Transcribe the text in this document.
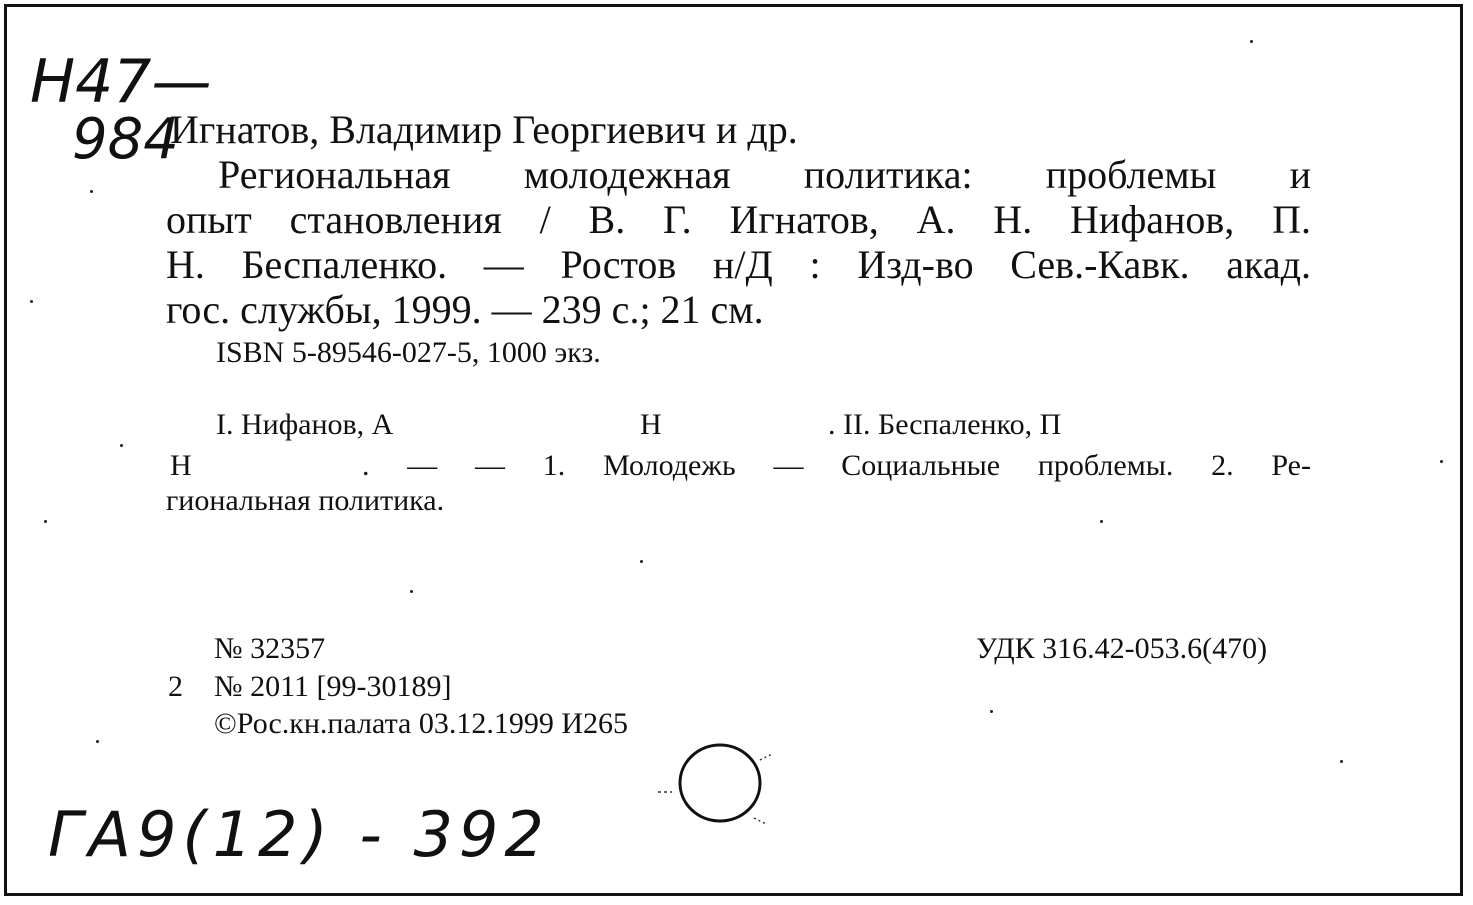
Н47—
984
Игнатов, Владимир Георгиевич и др.
Региональная молодежная политика: проблемы и
опыт становления / В. Г. Игнатов, А. Н. Нифанов, П.
Н. Беспаленко. — Ростов н/Д : Изд-во Сев.-Кавк. акад.
гос. службы, 1999. — 239 с.; 21 см.
ISBN 5-89546-027-5, 1000 экз.
I. Нифанов, А	Н	. II. Беспаленко, П
Н	. — — 1. Молодежь — Социальные проблемы. 2. Ре-
гиональная политика.
№ 32357	УДК 316.42-053.6(470)
2 № 2011 [99-30189]
©Рос.кн.палата 03.12.1999 И265
ГА9(12) - 392
